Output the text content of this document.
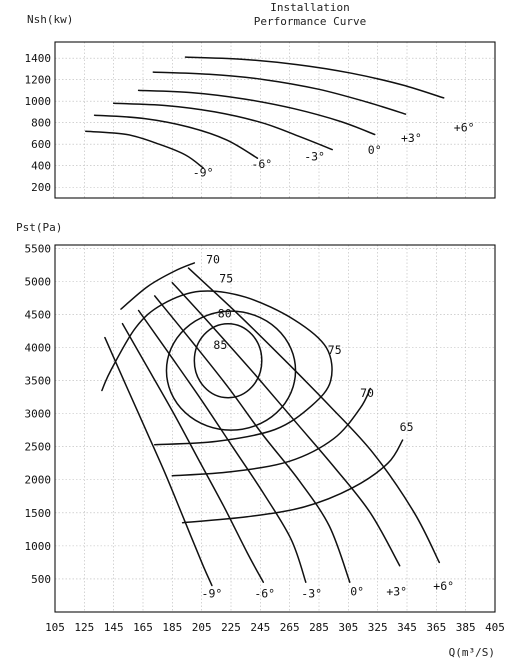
Installation
Performance Curve
Nsh(kw)
Pst(Pa)
Q(m³/S)
1400
1200
1000
800
600
400
200
-9°
-6°
-3°	0°
+3°
+6°
5500
5000
4500
4000
3500
3000
2500
2000
1500
1000
500
105 125 145 165 185 205 225 245 265 285 305 325 345 365 385 405
-9°	-6° -3° 0° +3° +6°
70
75
80
85	75
70
65
